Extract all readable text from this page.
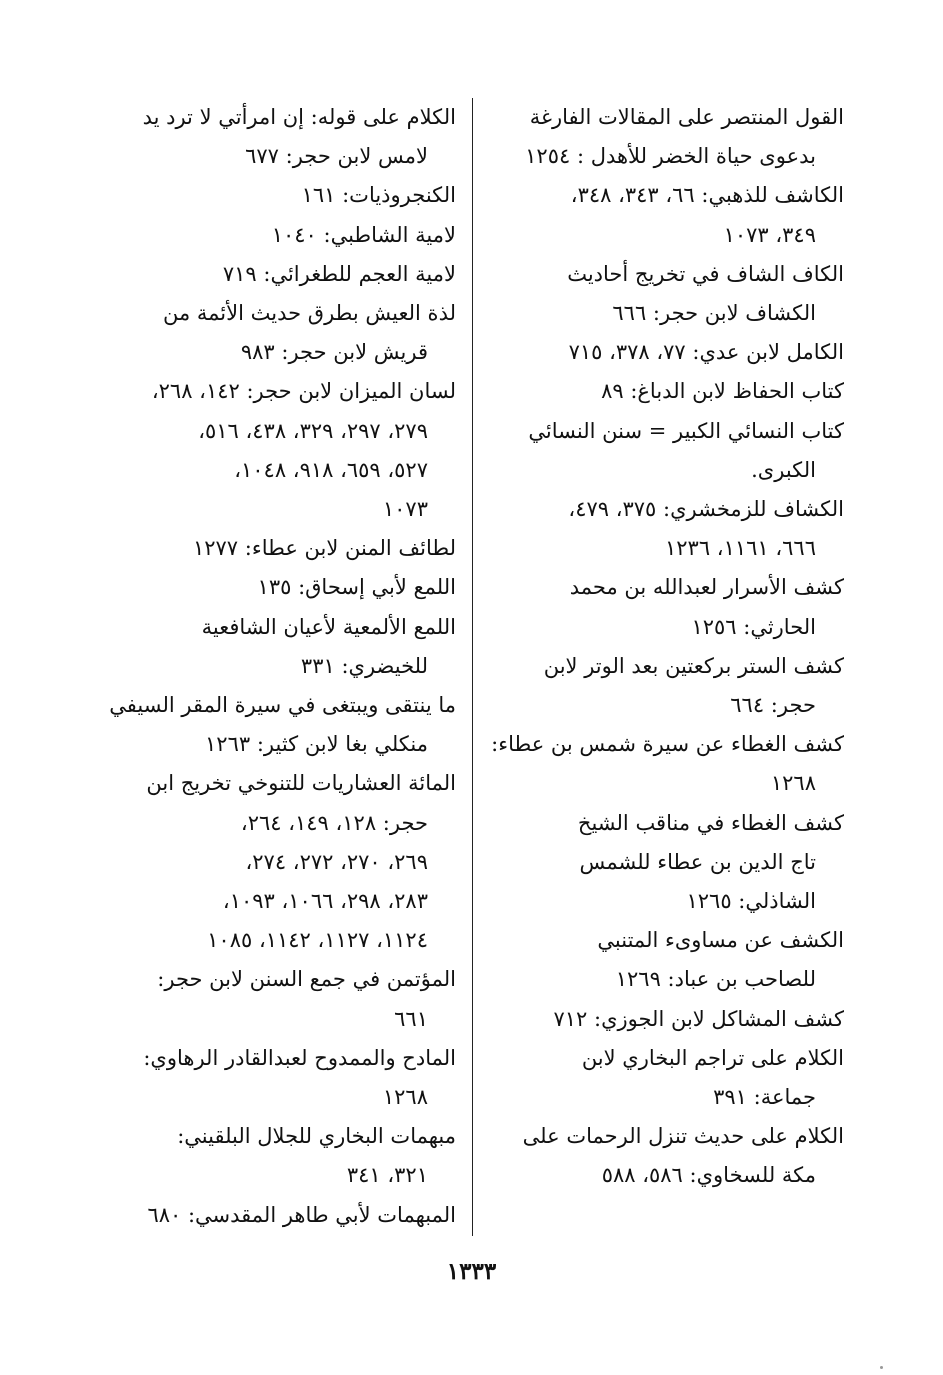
القول المنتصر على المقالات الفارغة
بدعوى حياة الخضر للأهدل : ١٢٥٤
الكاشف للذهبي: ٦٦، ٣٤٣، ٣٤٨،
٣٤٩، ١٠٧٣
الكاف الشاف في تخريج أحاديث
الكشاف لابن حجر: ٦٦٦
الكامل لابن عدي: ٧٧، ٣٧٨، ٧١٥
كتاب الحفاظ لابن الدباغ: ٨٩
كتاب النسائي الكبير = سنن النسائي
الكبرى.
الكشاف للزمخشري: ٣٧٥، ٤٧٩،
٦٦٦، ١١٦١، ١٢٣٦
كشف الأسرار لعبدالله بن محمد
الحارثي: ١٢٥٦
كشف الستر بركعتين بعد الوتر لابن
حجر: ٦٦٤
كشف الغطاء عن سيرة شمس بن عطاء:
١٢٦٨
كشف الغطاء في مناقب الشيخ
تاج الدين بن عطاء للشمس
الشاذلي: ١٢٦٥
الكشف عن مساوىء المتنبي
للصاحب بن عباد: ١٢٦٩
كشف المشاكل لابن الجوزي: ٧١٢
الكلام على تراجم البخاري لابن
جماعة: ٣٩١
الكلام على حديث تنزل الرحمات على
مكة للسخاوي: ٥٨٦، ٥٨٨
الكلام على قوله: إن امرأتي لا ترد يد
لامس لابن حجر: ٦٧٧
الكنجروذيات: ١٦١
لامية الشاطبي: ١٠٤٠
لامية العجم للطغرائي: ٧١٩
لذة العيش بطرق حديث الأئمة من
قريش لابن حجر: ٩٨٣
لسان الميزان لابن حجر: ١٤٢، ٢٦٨،
٢٧٩، ٢٩٧، ٣٢٩، ٤٣٨، ٥١٦،
٥٢٧، ٦٥٩، ٩١٨، ١٠٤٨،
١٠٧٣
لطائف المنن لابن عطاء: ١٢٧٧
اللمع لأبي إسحاق: ١٣٥
اللمع الألمعية لأعيان الشافعية
للخيضري: ٣٣١
ما ينتقى ويبتغى في سيرة المقر السيفي
منكلي بغا لابن كثير: ١٢٦٣
المائة العشاريات للتنوخي تخريج ابن
حجر: ١٢٨، ١٤٩، ٢٦٤،
٢٦٩، ٢٧٠، ٢٧٢، ٢٧٤،
٢٨٣، ٢٩٨، ١٠٦٦، ١٠٩٣،
١١٢٤، ١١٢٧، ١١٤٢، ١٠٨٥
المؤتمن في جمع السنن لابن حجر:
٦٦١
المادح والممدوح لعبدالقادر الرهاوي:
١٢٦٨
مبهمات البخاري للجلال البلقيني:
٣٢١، ٣٤١
المبهمات لأبي طاهر المقدسي: ٦٨٠
١٣٣٣
